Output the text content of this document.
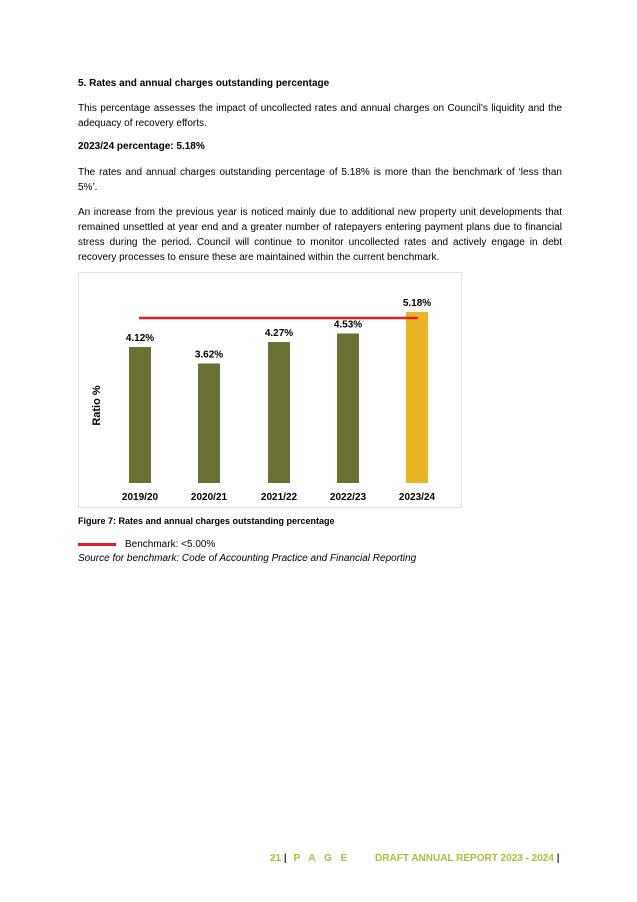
5. Rates and annual charges outstanding percentage

This percentage assesses the impact of uncollected rates and annual charges on Council’s liquidity and the adequacy of recovery efforts.

2023/24 percentage: 5.18%

The rates and annual charges outstanding percentage of 5.18% is more than the benchmark of ‘less than 5%’.

An increase from the previous year is noticed mainly due to additional new property unit developments that remained unsettled at year end and a greater number of ratepayers entering payment plans due to financial stress during the period. Council will continue to monitor uncollected rates and actively engage in debt recovery processes to ensure these are maintained within the current benchmark.

4.12%
2019/20
3.62%
2020/21
4.27%
2021/22
4.53%
2022/23
5.18%
2023/24
Ratio %

Figure 7: Rates and annual charges outstanding percentage

Benchmark: <5.00%

Source for benchmark: Code of Accounting Practice and Financial Reporting

21 | P A G E DRAFT ANNUAL REPORT 2023 - 2024 |
